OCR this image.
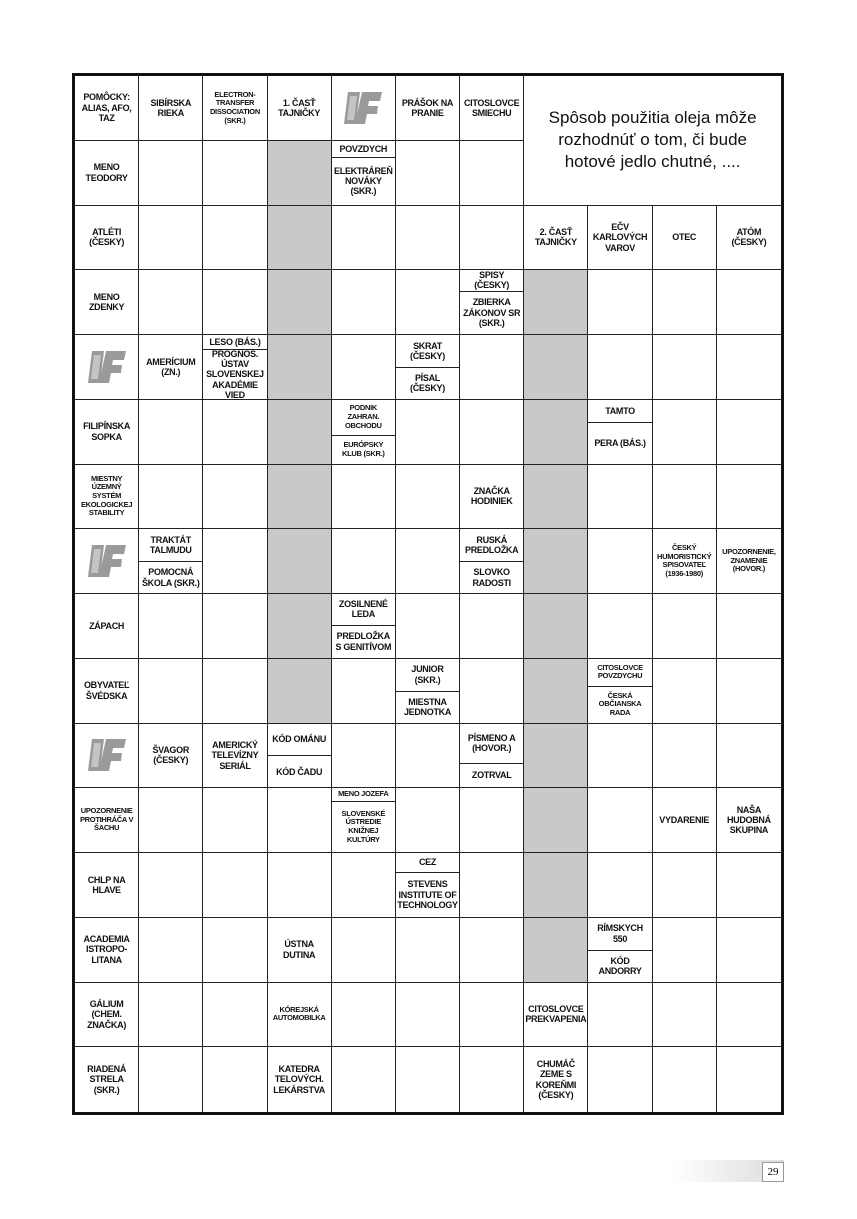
POMÔCKY: ALIAS, AFO, TAZ
SIBÍRSKA RIEKA
ELECTRON-TRANSFER DISSOCIATION (SKR.)
1. ČASŤ TAJNIČKY
PRÁŠOK NA PRANIE
CITOSLOVCE SMIECHU
MENO TEODORY
POVZDYCH
ELEKTRÁREŇ NOVÁKY (SKR.)
ATLÉTI (ČESKY)
2. ČASŤ TAJNIČKY
EČV KARLOVÝCH VAROV
OTEC
ATÓM (ČESKY)
MENO ZDENKY
SPISY (ČESKY)
ZBIERKA ZÁKONOV SR (SKR.)
AMERÍCIUM (ZN.)
LESO (BÁS.)
PROGNOS. ÚSTAV SLOVENSKEJ AKADÉMIE VIED
SKRAT (ČESKY)
PÍSAL (ČESKY)
FILIPÍNSKA SOPKA
PODNIK ZAHRAN. OBCHODU
EURÓPSKY KLUB (SKR.)
TAMTO
PERA (BÁS.)
MIESTNY ÚZEMNÝ SYSTÉM EKOLOGICKEJ STABILITY
ZNAČKA HODINIEK
TRAKTÁT TALMUDU
POMOCNÁ ŠKOLA (SKR.)
RUSKÁ PREDLOŽKA
SLOVKO RADOSTI
ČESKÝ HUMORISTICKÝ SPISOVATEĽ (1936-1980)
UPOZORNENIE, ZNAMENIE (HOVOR.)
ZÁPACH
ZOSILNENÉ LEDA
PREDLOŽKA S GENITÍVOM
OBYVATEĽ ŠVÉDSKA
JUNIOR (SKR.)
MIESTNA JEDNOTKA
CITOSLOVCE POVZDYCHU
ČESKÁ OBČIANSKA RADA
ŠVAGOR (ČESKY)
AMERICKÝ TELEVÍZNY SERIÁL
KÓD OMÁNU
KÓD ČADU
PÍSMENO A (HOVOR.)
ZOTRVAL
UPOZORNENIE PROTIHRÁČA V ŠACHU
MENO JOZEFA
SLOVENSKÉ ÚSTREDIE KNIŽNEJ KULTÚRY
VYDARENIE
NAŠA HUDOBNÁ SKUPINA
CHLP NA HLAVE
CEZ
STEVENS INSTITUTE OF TECHNOLOGY
ACADEMIA ISTROPO-LITANA
ÚSTNA DUTINA
RÍMSKYCH 550
KÓD ANDORRY
GÁLIUM (CHEM. ZNAČKA)
KÓREJSKÁ AUTOMOBILKA
CITOSLOVCE PREKVAPENIA
RIADENÁ STRELA (SKR.)
KATEDRA TELOVÝCH. LEKÁRSTVA
CHUMÁČ ZEME S KOREŇMI (ČESKY)
Spôsob použitia oleja môže rozhodnúť o tom, či bude hotové jedlo chutné, ....
29
